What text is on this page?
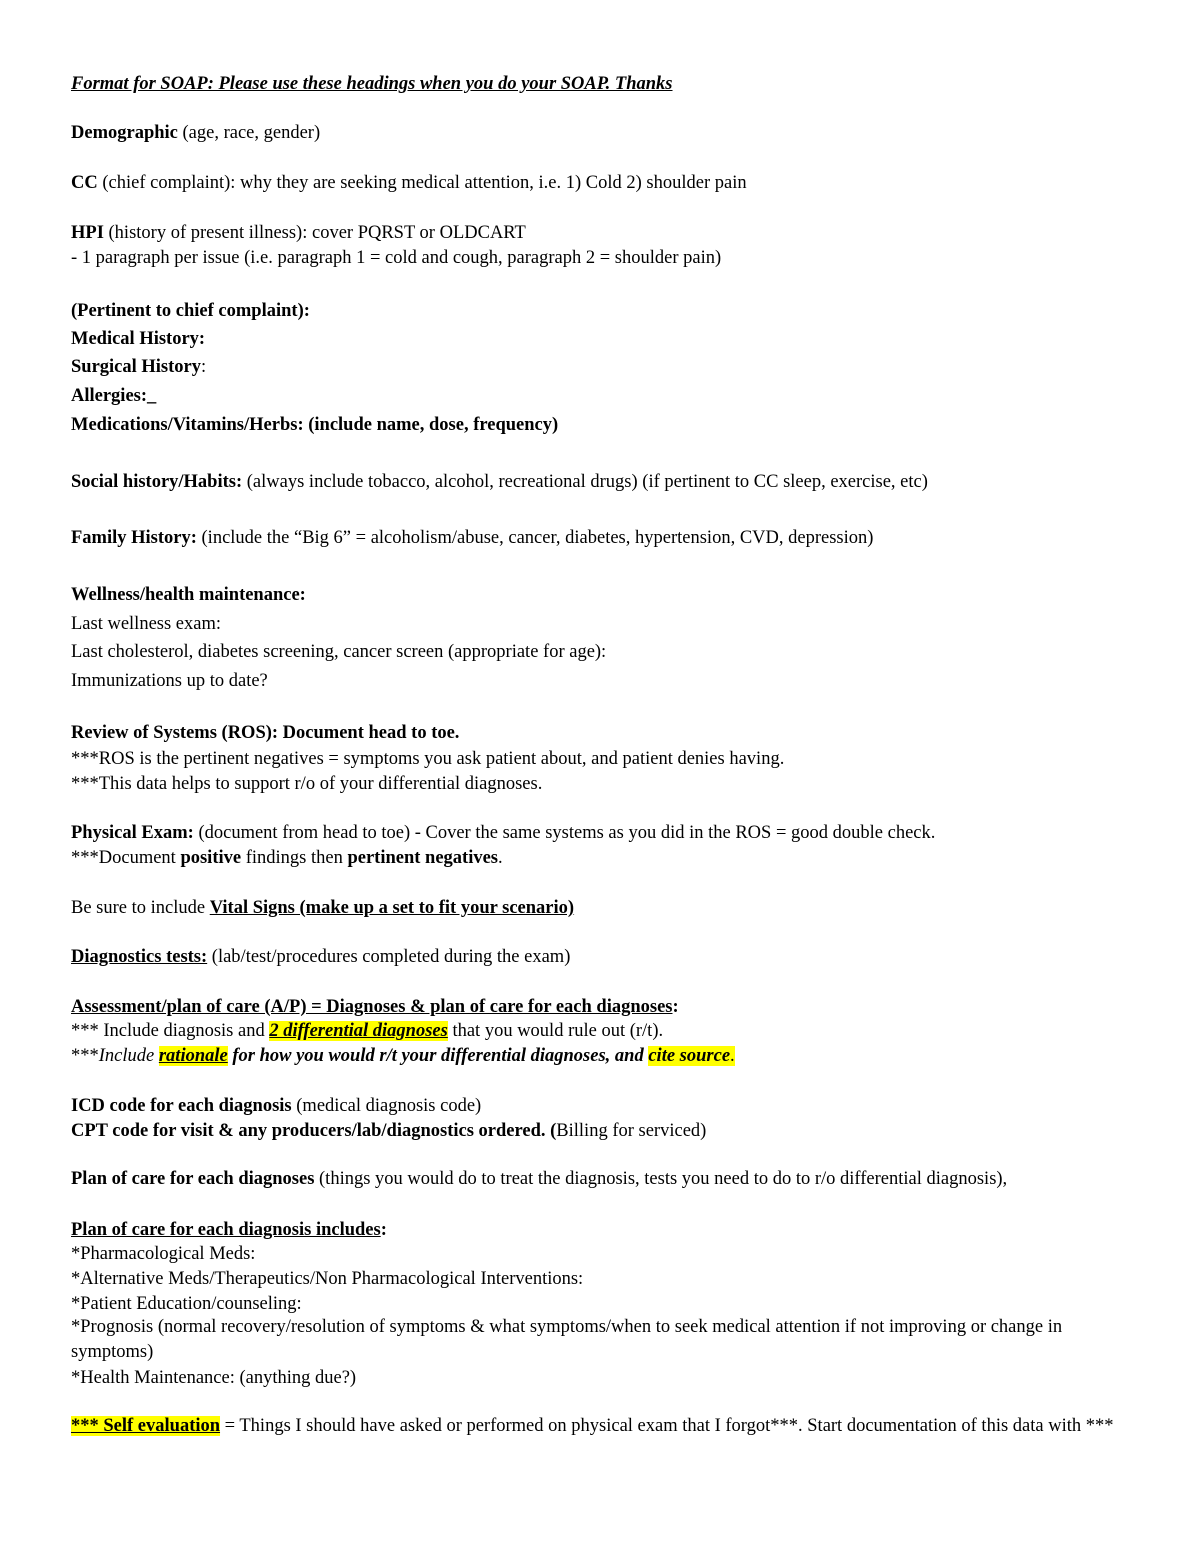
Format for SOAP: Please use these headings when you do your SOAP. Thanks
Demographic (age, race, gender)
CC (chief complaint): why they are seeking medical attention, i.e. 1) Cold 2) shoulder pain
HPI (history of present illness): cover PQRST or OLDCART
- 1 paragraph per issue (i.e. paragraph 1 = cold and cough, paragraph 2 = shoulder pain)
(Pertinent to chief complaint):
Medical History:
Surgical History:
Allergies:_
Medications/Vitamins/Herbs: (include name, dose, frequency)
Social history/Habits: (always include tobacco, alcohol, recreational drugs) (if pertinent to CC sleep, exercise, etc)
Family History: (include the “Big 6” = alcoholism/abuse, cancer, diabetes, hypertension, CVD, depression)
Wellness/health maintenance:
Last wellness exam:
Last cholesterol, diabetes screening, cancer screen (appropriate for age):
Immunizations up to date?
Review of Systems (ROS): Document head to toe.
***ROS is the pertinent negatives = symptoms you ask patient about, and patient denies having.
***This data helps to support r/o of your differential diagnoses.
Physical Exam: (document from head to toe) - Cover the same systems as you did in the ROS = good double check.
***Document positive findings then pertinent negatives.
Be sure to include Vital Signs (make up a set to fit your scenario)
Diagnostics tests: (lab/test/procedures completed during the exam)
Assessment/plan of care (A/P) = Diagnoses & plan of care for each diagnoses:
*** Include diagnosis and 2 differential diagnoses that you would rule out (r/t).
***Include rationale for how you would r/t your differential diagnoses, and cite source.
ICD code for each diagnosis (medical diagnosis code)
CPT code for visit & any producers/lab/diagnostics ordered. (Billing for serviced)
Plan of care for each diagnoses (things you would do to treat the diagnosis, tests you need to do to r/o differential diagnosis),
Plan of care for each diagnosis includes:
*Pharmacological Meds:
*Alternative Meds/Therapeutics/Non Pharmacological Interventions:
*Patient Education/counseling:
*Prognosis (normal recovery/resolution of symptoms & what symptoms/when to seek medical attention if not improving or change in symptoms)
*Health Maintenance: (anything due?)
*** Self evaluation = Things I should have asked or performed on physical exam that I forgot***. Start documentation of this data with ***
